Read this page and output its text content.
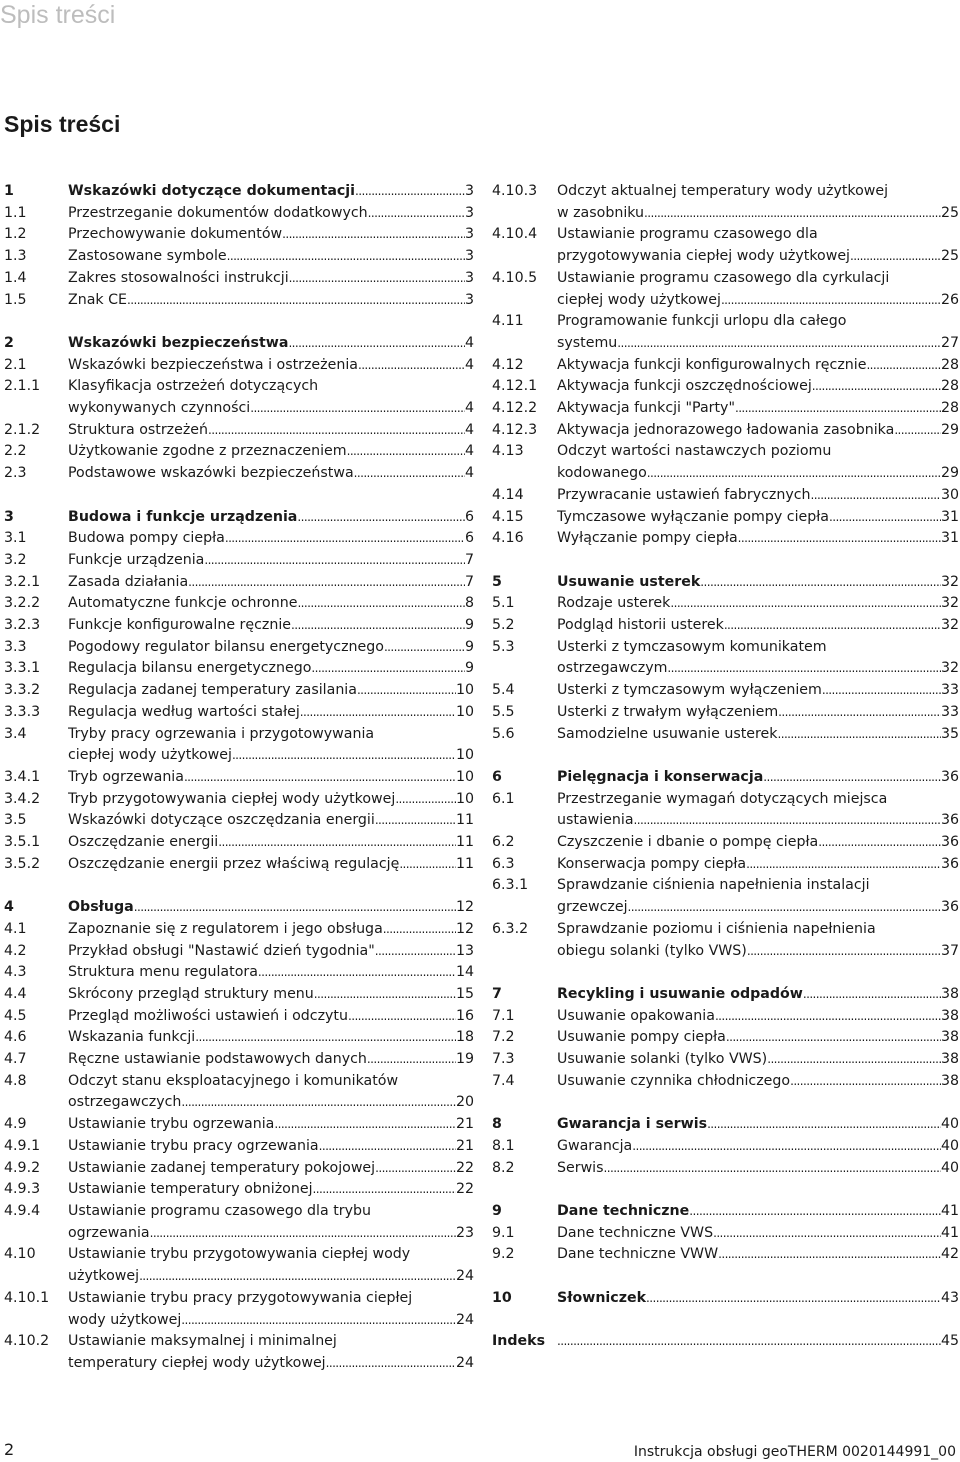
Spis treści
Spis treści
1	Wskazówki dotyczące dokumentacji . . .	3
1.1	Przestrzeganie dokumentów dodatkowych . . .	3
1.2	Przechowywanie dokumentów . . .	3
1.3	Zastosowane symbole . . .	3
1.4	Zakres stosowalności instrukcji . . .	3
1.5	Znak CE . . .	3
2	Wskazówki bezpieczeństwa . . .	4
2.1	Wskazówki bezpieczeństwa i ostrzeżenia . . .	4
2.1.1	Klasyfikacja ostrzeżeń dotyczących
wykonywanych czynności . . .	4
2.1.2	Struktura ostrzeżeń . . .	4
2.2	Użytkowanie zgodne z przeznaczeniem . . .	4
2.3	Podstawowe wskazówki bezpieczeństwa . . .	4
3	Budowa i funkcje urządzenia . . .	6
3.1	Budowa pompy ciepła . . .	6
3.2	Funkcje urządzenia . . .	7
3.2.1	Zasada działania . . .	7
3.2.2	Automatyczne funkcje ochronne . . .	8
3.2.3	Funkcje konfigurowalne ręcznie . . .	9
3.3	Pogodowy regulator bilansu energetycznego . . .	9
3.3.1	Regulacja bilansu energetycznego . . .	9
3.3.2	Regulacja zadanej temperatury zasilania . . .	10
3.3.3	Regulacja według wartości stałej . . .	10
3.4	Tryby pracy ogrzewania i przygotowywania
ciepłej wody użytkowej . . .	10
3.4.1	Tryb ogrzewania . . .	10
3.4.2	Tryb przygotowywania ciepłej wody użytkowej . . .	10
3.5	Wskazówki dotyczące oszczędzania energii . . .	11
3.5.1	Oszczędzanie energii . . .	11
3.5.2	Oszczędzanie energii przez właściwą regulację . . .	11
4	Obsługa . . .	12
4.1	Zapoznanie się z regulatorem i jego obsługa . . .	12
4.2	Przykład obsługi "Nastawić dzień tygodnia" . . .	13
4.3	Struktura menu regulatora . . .	14
4.4	Skrócony przegląd struktury menu . . .	15
4.5	Przegląd możliwości ustawień i odczytu . . .	16
4.6	Wskazania funkcji . . .	18
4.7	Ręczne ustawianie podstawowych danych . . .	19
4.8	Odczyt stanu eksploatacyjnego i komunikatów
ostrzegawczych . . .	20
4.9	Ustawianie trybu ogrzewania . . .	21
4.9.1	Ustawianie trybu pracy ogrzewania . . .	21
4.9.2	Ustawianie zadanej temperatury pokojowej . . .	22
4.9.3	Ustawianie temperatury obniżonej . . .	22
4.9.4	Ustawianie programu czasowego dla trybu
ogrzewania . . .	23
4.10	Ustawianie trybu przygotowywania ciepłej wody
użytkowej . . .	24
4.10.1	Ustawianie trybu pracy przygotowywania ciepłej
wody użytkowej . . .	24
4.10.2	Ustawianie maksymalnej i minimalnej
temperatury ciepłej wody użytkowej . . .	24
4.10.3	Odczyt aktualnej temperatury wody użytkowej
w zasobniku . . .	25
4.10.4	Ustawianie programu czasowego dla
przygotowywania ciepłej wody użytkowej . . .	25
4.10.5	Ustawianie programu czasowego dla cyrkulacji
ciepłej wody użytkowej . . .	26
4.11	Programowanie funkcji urlopu dla całego
systemu . . .	27
4.12	Aktywacja funkcji konfigurowalnych ręcznie . . .	28
4.12.1	Aktywacja funkcji oszczędnościowej . . .	28
4.12.2	Aktywacja funkcji "Party" . . .	28
4.12.3	Aktywacja jednorazowego ładowania zasobnika . . .	29
4.13	Odczyt wartości nastawczych poziomu
kodowanego . . .	29
4.14	Przywracanie ustawień fabrycznych . . .	30
4.15	Tymczasowe wyłączanie pompy ciepła . . .	31
4.16	Wyłączanie pompy ciepła . . .	31
5	Usuwanie usterek . . .	32
5.1	Rodzaje usterek . . .	32
5.2	Podgląd historii usterek . . .	32
5.3	Usterki z tymczasowym komunikatem
ostrzegawczym . . .	32
5.4	Usterki z tymczasowym wyłączeniem . . .	33
5.5	Usterki z trwałym wyłączeniem . . .	33
5.6	Samodzielne usuwanie usterek . . .	35
6	Pielęgnacja i konserwacja . . .	36
6.1	Przestrzeganie wymagań dotyczących miejsca
ustawienia . . .	36
6.2	Czyszczenie i dbanie o pompę ciepła . . .	36
6.3	Konserwacja pompy ciepła . . .	36
6.3.1	Sprawdzanie ciśnienia napełnienia instalacji
grzewczej . . .	36
6.3.2	Sprawdzanie poziomu i ciśnienia napełnienia
obiegu solanki (tylko VWS) . . .	37
7	Recykling i usuwanie odpadów . . .	38
7.1	Usuwanie opakowania . . .	38
7.2	Usuwanie pompy ciepła . . .	38
7.3	Usuwanie solanki (tylko VWS) . . .	38
7.4	Usuwanie czynnika chłodniczego . . .	38
8	Gwarancja i serwis . . .	40
8.1	Gwarancja . . .	40
8.2	Serwis . . .	40
9	Dane techniczne . . .	41
9.1	Dane techniczne VWS . . .	41
9.2	Dane techniczne VWW . . .	42
10	Słowniczek . . .	43
Indeks . . .	45
2	Instrukcja obsługi geoTHERM 0020144991_00
